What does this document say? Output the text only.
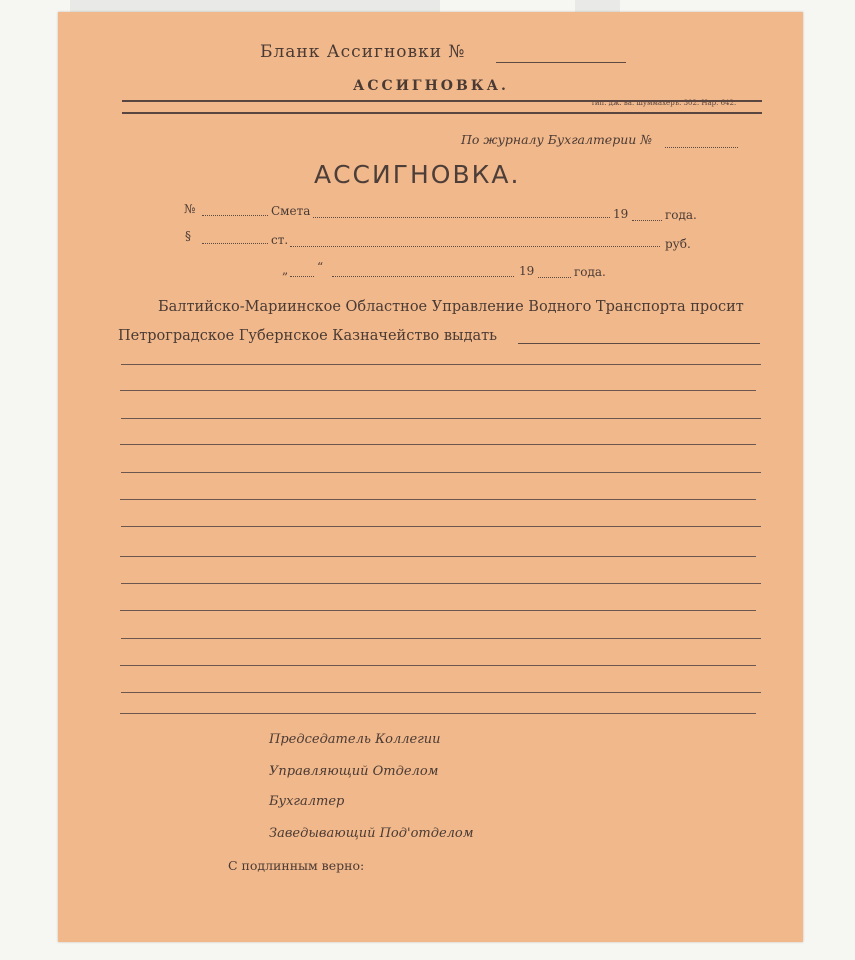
Бланк Ассигновки №
АССИГНОВКА.
тип. дж. ва. шуммахеръ. 302. Нар. 642.
По журналу Бухгалтерии №
АССИГНОВКА.
№	Смета	19	года.
§	ст.	руб.
„ “	19	года.
Балтийско-Мариинское Областное Управление Водного Транспорта просит
Петроградское Губернское Казначейство выдать
Председатель Коллегии
Управляющий Отделом
Бухгалтер
Заведывающий Под'отделом
С подлинным верно:
